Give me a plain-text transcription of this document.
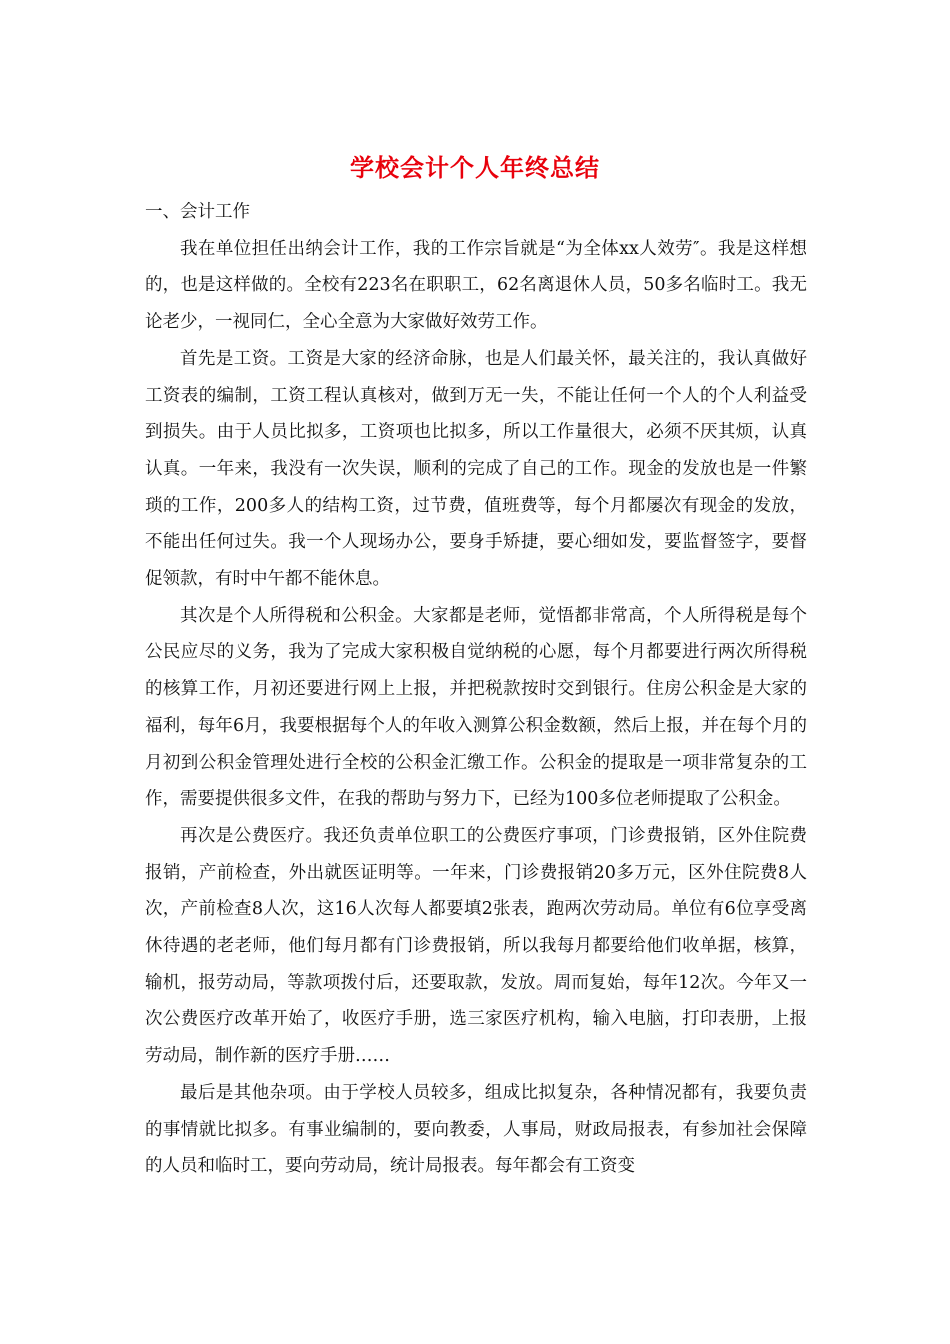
学校会计个人年终总结

一、会计工作

我在单位担任出纳会计工作，我的工作宗旨就是“为全体xx人效劳″。我是这样想的，也是这样做的。全校有223名在职职工，62名离退休人员，50多名临时工。我无论老少，一视同仁，全心全意为大家做好效劳工作。

首先是工资。工资是大家的经济命脉，也是人们最关怀，最关注的，我认真做好工资表的编制，工资工程认真核对，做到万无一失，不能让任何一个人的个人利益受到损失。由于人员比拟多，工资项也比拟多，所以工作量很大，必须不厌其烦，认真认真。一年来，我没有一次失误，顺利的完成了自己的工作。现金的发放也是一件繁琐的工作，200多人的结构工资，过节费，值班费等，每个月都屡次有现金的发放，不能出任何过失。我一个人现场办公，要身手矫捷，要心细如发，要监督签字，要督促领款，有时中午都不能休息。

其次是个人所得税和公积金。大家都是老师，觉悟都非常高，个人所得税是每个公民应尽的义务，我为了完成大家积极自觉纳税的心愿，每个月都要进行两次所得税的核算工作，月初还要进行网上上报，并把税款按时交到银行。住房公积金是大家的福利，每年6月，我要根据每个人的年收入测算公积金数额，然后上报，并在每个月的月初到公积金管理处进行全校的公积金汇缴工作。公积金的提取是一项非常复杂的工作，需要提供很多文件，在我的帮助与努力下，已经为100多位老师提取了公积金。

再次是公费医疗。我还负责单位职工的公费医疗事项，门诊费报销，区外住院费报销，产前检查，外出就医证明等。一年来，门诊费报销20多万元，区外住院费8人次，产前检查8人次，这16人次每人都要填2张表，跑两次劳动局。单位有6位享受离休待遇的老老师，他们每月都有门诊费报销，所以我每月都要给他们收单据，核算，输机，报劳动局，等款项拨付后，还要取款，发放。周而复始，每年12次。今年又一次公费医疗改革开始了，收医疗手册，选三家医疗机构，输入电脑，打印表册，上报劳动局，制作新的医疗手册……

最后是其他杂项。由于学校人员较多，组成比拟复杂，各种情况都有，我要负责的事情就比拟多。有事业编制的，要向教委，人事局，财政局报表，有参加社会保障的人员和临时工，要向劳动局，统计局报表。每年都会有工资变
